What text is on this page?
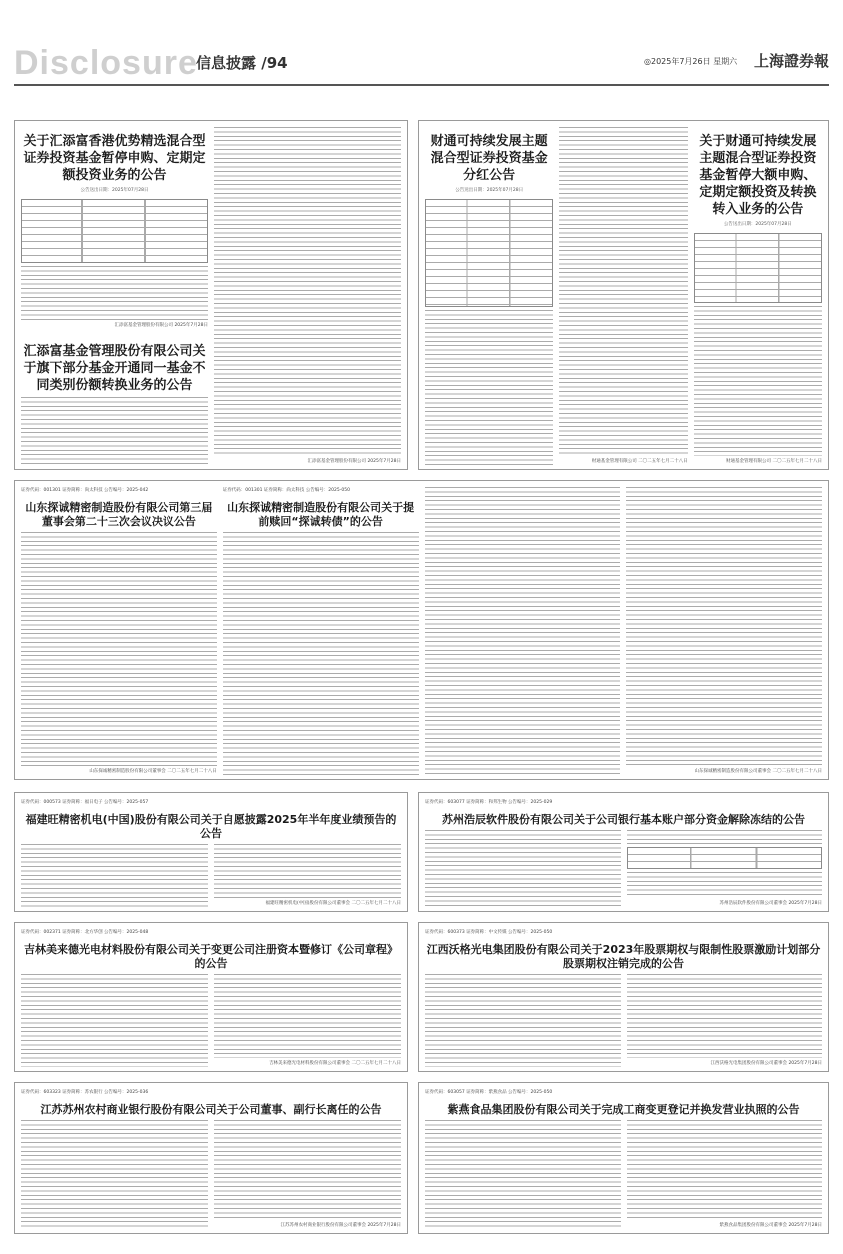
Disclosure
信息披露 /94	◎2025年7月26日 星期六 上海證券報
关于汇添富香港优势精选混合型证券投资基金暂停申购、定期定额投资业务的公告
公告送出日期：2025年07月28日
汇添富基金管理股份有限公司 2025年7月28日
汇添富基金管理股份有限公司关于旗下部分基金开通同一基金不同类别份额转换业务的公告
汇添富基金管理股份有限公司 2025年7月28日
财通可持续发展主题混合型证券投资基金分红公告
公告送出日期：2025年07月28日
财通基金管理有限公司 二〇二五年七月二十八日
关于财通可持续发展主题混合型证券投资基金暂停大额申购、定期定额投资及转换转入业务的公告
公告送出日期：2025年07月28日
财通基金管理有限公司 二〇二五年七月二十八日
证券代码：001301 证券简称：尚太科技 公告编号：2025-042
山东探诚精密制造股份有限公司第三届董事会第二十三次会议决议公告
山东探诚精密制造股份有限公司董事会 二〇二五年七月二十八日
证券代码：001301 证券简称：尚太科技 公告编号：2025-050
山东探诚精密制造股份有限公司关于提前赎回“探诚转债”的公告
山东探诚精密制造股份有限公司董事会 二〇二五年七月二十八日
证券代码：000573 证券简称：福日电子 公告编号：2025-057
福建旺精密机电(中国)股份有限公司关于自愿披露2025年半年度业绩预告的公告
福建旺精密机电(中国)股份有限公司董事会 二〇二五年七月二十八日
证券代码：603077 证券简称：和邦生物 公告编号：2025-029
苏州浩辰软件股份有限公司关于公司银行基本账户部分资金解除冻结的公告
苏州浩辰软件股份有限公司董事会 2025年7月28日
证券代码：002371 证券简称：北方华创 公告编号：2025-048
吉林美来德光电材料股份有限公司关于变更公司注册资本暨修订《公司章程》的公告
吉林美来德光电材料股份有限公司董事会 二〇二五年七月二十八日
证券代码：600373 证券简称：中文传媒 公告编号：2025-050
江西沃格光电集团股份有限公司关于2023年股票期权与限制性股票激励计划部分股票期权注销完成的公告
江西沃格光电集团股份有限公司董事会 2025年7月28日
证券代码：603323 证券简称：苏农银行 公告编号：2025-036
江苏苏州农村商业银行股份有限公司关于公司董事、副行长离任的公告
江苏苏州农村商业银行股份有限公司董事会 2025年7月28日
证券代码：603057 证券简称：紫燕食品 公告编号：2025-050
紫燕食品集团股份有限公司关于完成工商变更登记并换发营业执照的公告
紫燕食品集团股份有限公司董事会 2025年7月28日
